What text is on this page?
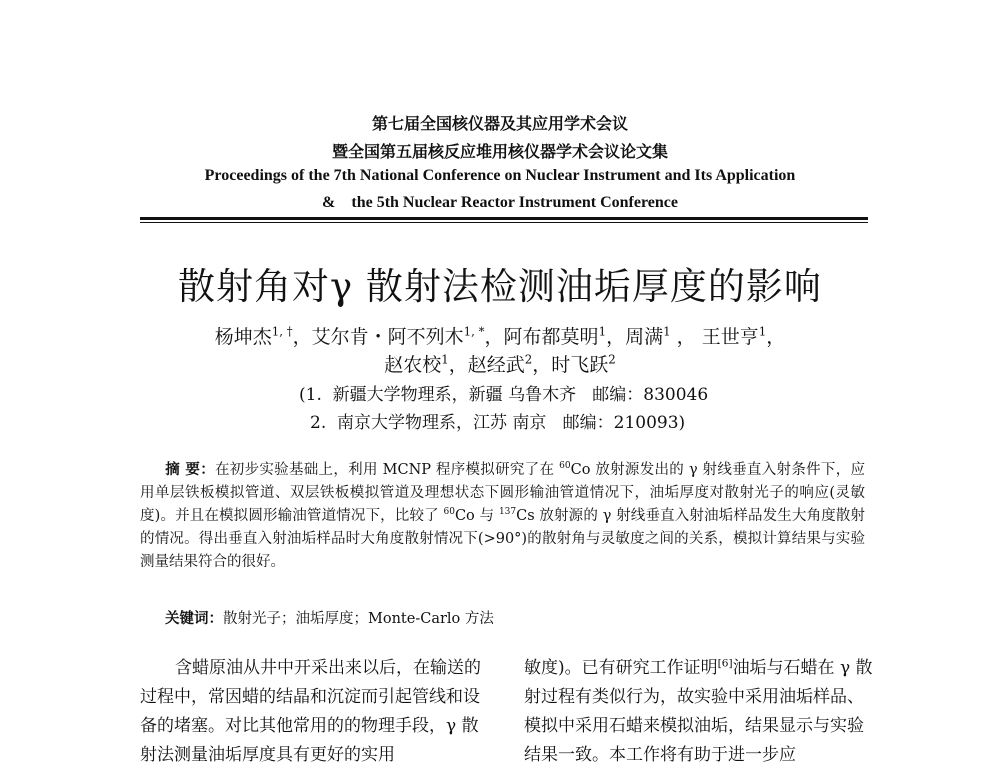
第七届全国核仪器及其应用学术会议
暨全国第五届核反应堆用核仪器学术会议论文集
Proceedings of the 7th National Conference on Nuclear Instrument and Its Application
&    the 5th Nuclear Reactor Instrument Conference
散射角对γ 散射法检测油垢厚度的影响
杨坤杰$^{1, \dagger}$，艾尔肯・阿不列木$^{1, *}$，阿布都莫明$^1$，周满$^1$ ， 王世亨$^1$，
赵农校$^1$，赵经武$^2$，时飞跃$^2$
(1.  新疆大学物理系，新疆 乌鲁木齐   邮编：830046
2.  南京大学物理系，江苏 南京   邮编：210093)
摘 要：在初步实验基础上，利用 MCNP 程序模拟研究了在 $^{60}$Co 放射源发出的 γ 射线垂直入射条件下，应用单层铁板模拟管道、双层铁板模拟管道及理想状态下圆形输油管道情况下，油垢厚度对散射光子的响应(灵敏度)。并且在模拟圆形输油管道情况下，比较了 $^{60}$Co 与 $^{137}$Cs 放射源的 γ 射线垂直入射油垢样品发生大角度散射的情况。得出垂直入射油垢样品时大角度散射情况下(>90°)的散射角与灵敏度之间的关系，模拟计算结果与实验测量结果符合的很好。
关键词：散射光子；油垢厚度；Monte-Carlo 方法
含蜡原油从井中开采出来以后，在输送的过程中，常因蜡的结晶和沉淀而引起管线和设备的堵塞。对比其他常用的的物理手段，γ 散射法测量油垢厚度具有更好的实用
敏度)。已有研究工作证明[6]油垢与石蜡在 γ 散射过程有类似行为，故实验中采用油垢样品、模拟中采用石蜡来模拟油垢，结果显示与实验结果一致。本工作将有助于进一步应
